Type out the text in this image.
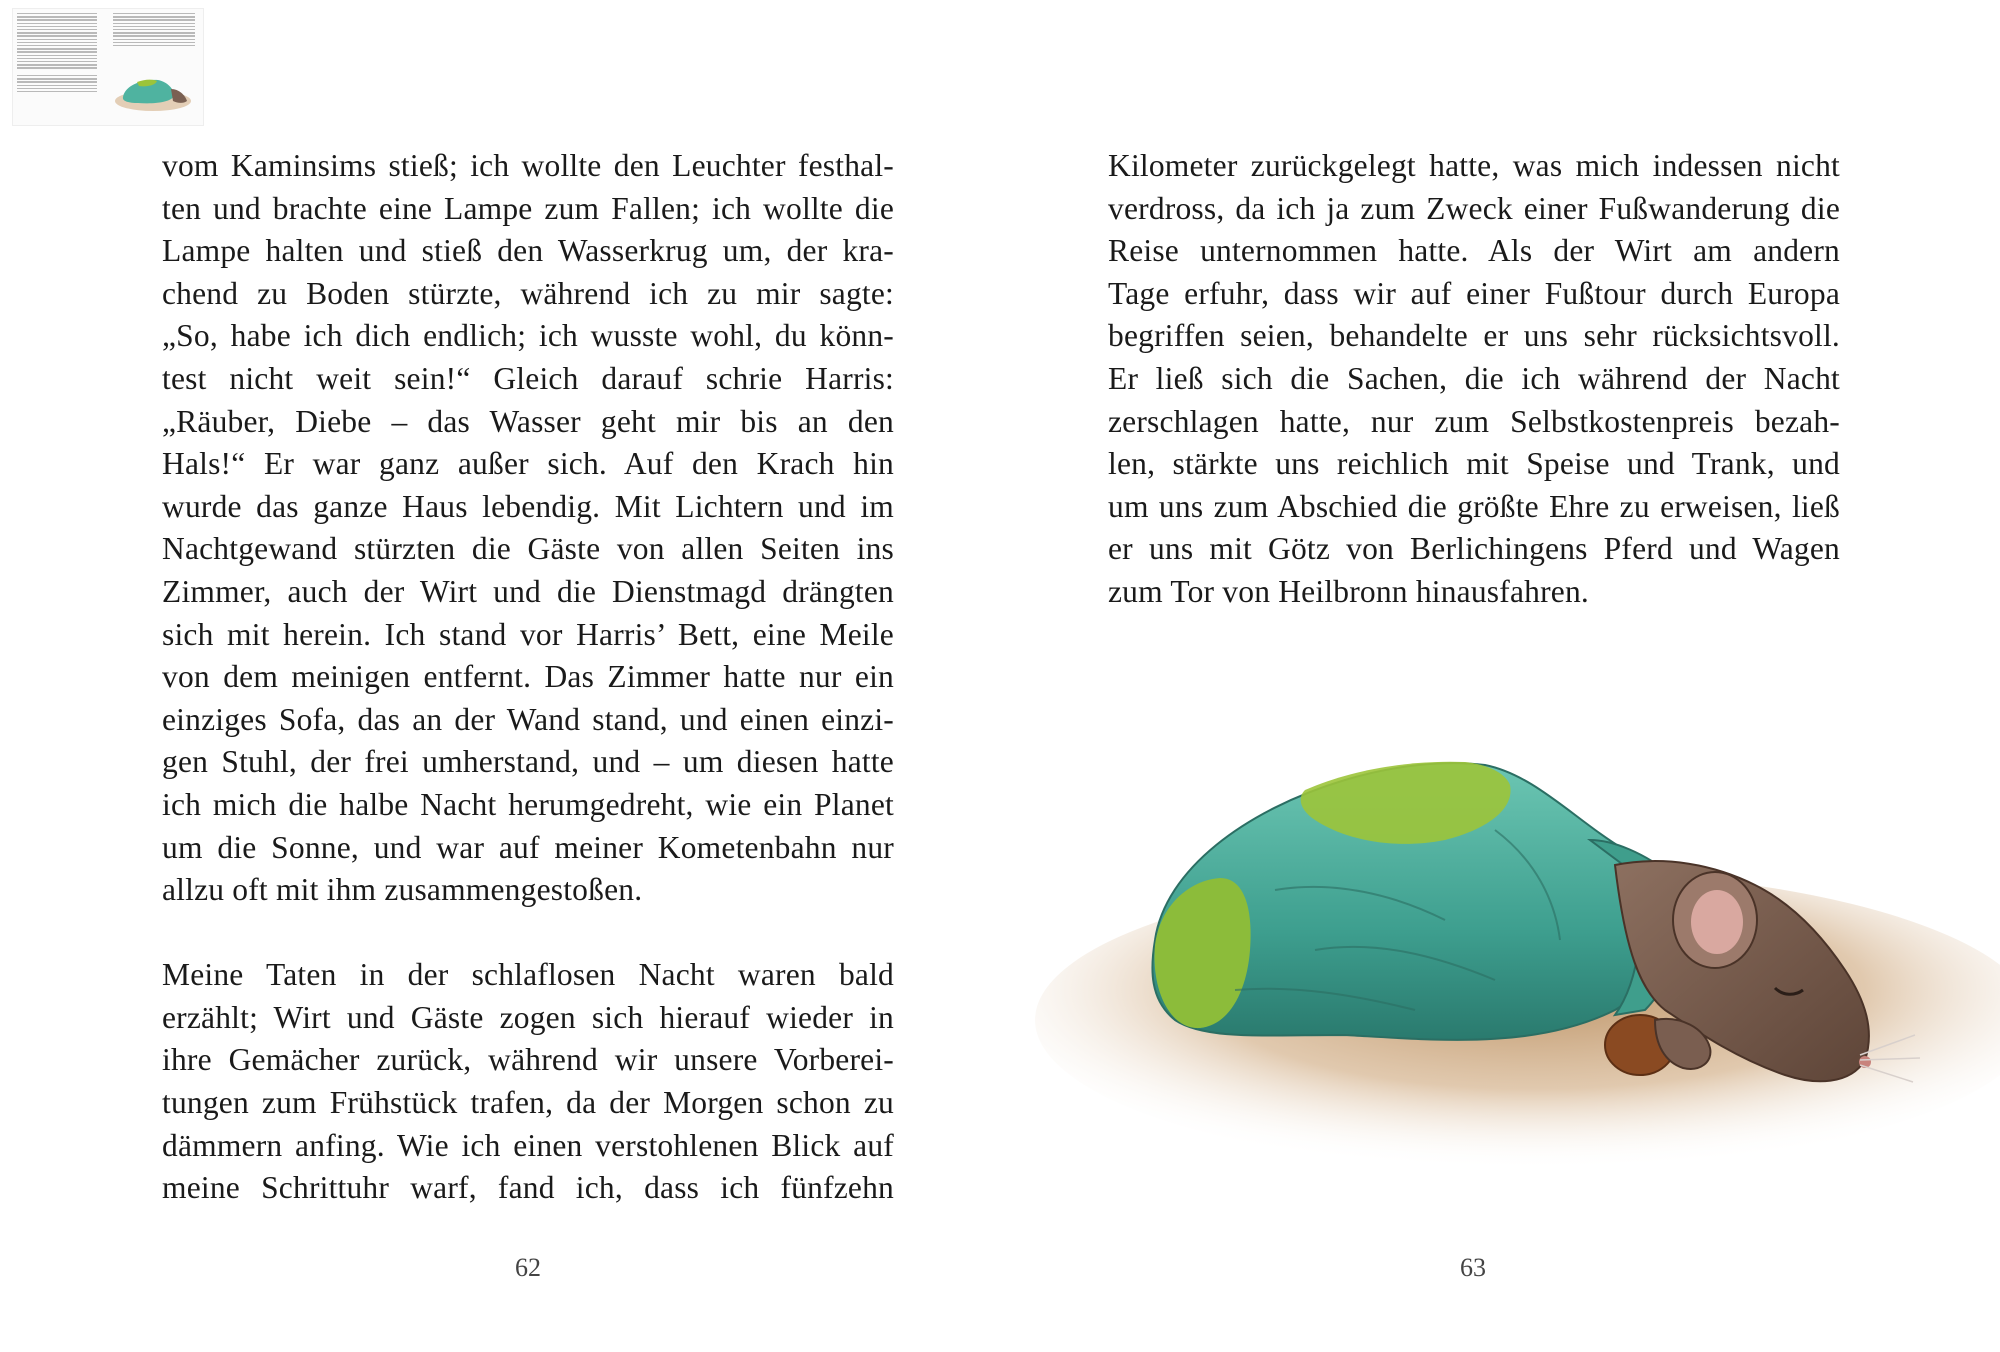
vom Kaminsims stieß; ich wollte den Leuchter festhal-
ten und brachte eine Lampe zum Fallen; ich wollte die
Lampe halten und stieß den Wasserkrug um, der kra-
chend zu Boden stürzte, während ich zu mir sagte:
„So, habe ich dich endlich; ich wusste wohl, du könn-
test nicht weit sein!“ Gleich darauf schrie Harris:
„Räuber, Diebe – das Wasser geht mir bis an den
Hals!“ Er war ganz außer sich. Auf den Krach hin
wurde das ganze Haus lebendig. Mit Lichtern und im
Nachtgewand stürzten die Gäste von allen Seiten ins
Zimmer, auch der Wirt und die Dienstmagd drängten
sich mit herein. Ich stand vor Harris’ Bett, eine Meile
von dem meinigen entfernt. Das Zimmer hatte nur ein
einziges Sofa, das an der Wand stand, und einen einzi-
gen Stuhl, der frei umherstand, und – um diesen hatte
ich mich die halbe Nacht herumgedreht, wie ein Planet
um die Sonne, und war auf meiner Kometenbahn nur
allzu oft mit ihm zusammengestoßen.
Meine Taten in der schlaflosen Nacht waren bald
erzählt; Wirt und Gäste zogen sich hierauf wieder in
ihre Gemächer zurück, während wir unsere Vorberei-
tungen zum Frühstück trafen, da der Morgen schon zu
dämmern anfing. Wie ich einen verstohlenen Blick auf
meine Schrittuhr warf, fand ich, dass ich fünfzehn
Kilometer zurückgelegt hatte, was mich indessen nicht
verdross, da ich ja zum Zweck einer Fußwanderung die
Reise unternommen hatte. Als der Wirt am andern
Tage erfuhr, dass wir auf einer Fußtour durch Europa
begriffen seien, behandelte er uns sehr rücksichtsvoll.
Er ließ sich die Sachen, die ich während der Nacht
zerschlagen hatte, nur zum Selbstkostenpreis bezah-
len, stärkte uns reichlich mit Speise und Trank, und
um uns zum Abschied die größte Ehre zu erweisen, ließ
er uns mit Götz von Berlichingens Pferd und Wagen
zum Tor von Heilbronn hinausfahren.
62	63
